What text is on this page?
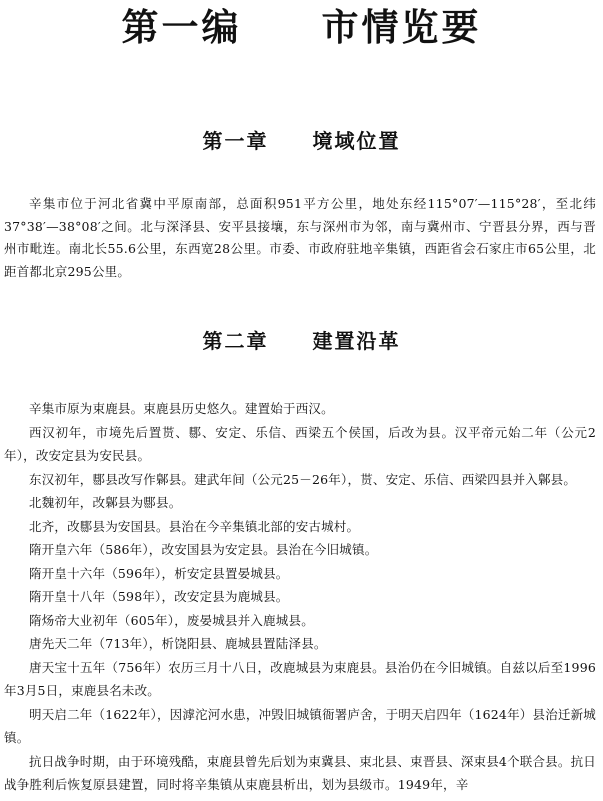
第一编　　市情览要
第一章　　境域位置

辛集市位于河北省冀中平原南部，总面积951平方公里，地处东经115°07′—115°28′，至北纬37°38′—38°08′之间。北与深泽县、安平县接壤，东与深州市为邻，南与冀州市、宁晋县分界，西与晋州市毗连。南北长55.6公里，东西宽28公里。市委、市政府驻地辛集镇，西距省会石家庄市65公里，北距首都北京295公里。

第二章　　建置沿革

辛集市原为束鹿县。束鹿县历史悠久。建置始于西汉。

西汉初年，市境先后置贳、郻、安定、乐信、西梁五个侯国，后改为县。汉平帝元始二年（公元2年），改安定县为安民县。

东汉初年，郻县改写作鄡县。建武年间（公元25－26年），贳、安定、乐信、西梁四县并入鄡县。

北魏初年，改鄡县为郻县。

北齐，改郻县为安国县。县治在今辛集镇北部的安古城村。

隋开皇六年（586年），改安国县为安定县。县治在今旧城镇。

隋开皇十六年（596年），析安定县置晏城县。

隋开皇十八年（598年），改安定县为鹿城县。

隋炀帝大业初年（605年），废晏城县并入鹿城县。

唐先天二年（713年），析饶阳县、鹿城县置陆泽县。

唐天宝十五年（756年）农历三月十八日，改鹿城县为束鹿县。县治仍在今旧城镇。自兹以后至1996年3月5日，束鹿县名未改。

明天启二年（1622年），因滹沱河水患，冲毁旧城镇衙署庐舍，于明天启四年（1624年）县治迁新城镇。

抗日战争时期，由于环境残酷，束鹿县曾先后划为束冀县、束北县、束晋县、深束县4个联合县。抗日战争胜利后恢复原县建置，同时将辛集镇从束鹿县析出，划为县级市。1949年，辛
